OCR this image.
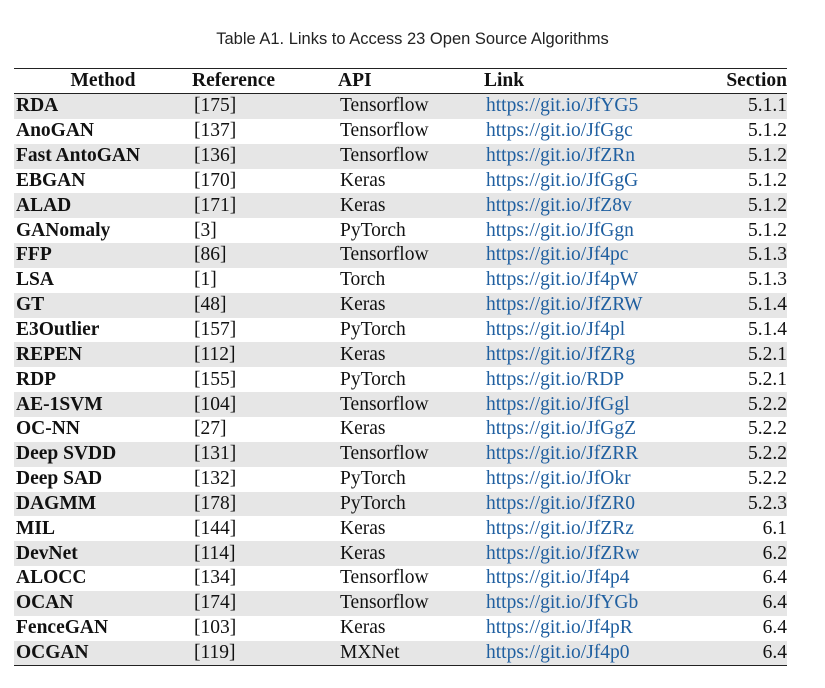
Table A1. Links to Access 23 Open Source Algorithms
Method	Reference	API	Link	Section
RDA	[175]	Tensorflow	https://git.io/JfYG5	5.1.1
AnoGAN	[137]	Tensorflow	https://git.io/JfGgc	5.1.2
Fast AntoGAN	[136]	Tensorflow	https://git.io/JfZRn	5.1.2
EBGAN	[170]	Keras	https://git.io/JfGgG	5.1.2
ALAD	[171]	Keras	https://git.io/JfZ8v	5.1.2
GANomaly	[3]	PyTorch	https://git.io/JfGgn	5.1.2
FFP	[86]	Tensorflow	https://git.io/Jf4pc	5.1.3
LSA	[1]	Torch	https://git.io/Jf4pW	5.1.3
GT	[48]	Keras	https://git.io/JfZRW	5.1.4
E3Outlier	[157]	PyTorch	https://git.io/Jf4pl	5.1.4
REPEN	[112]	Keras	https://git.io/JfZRg	5.2.1
RDP	[155]	PyTorch	https://git.io/RDP	5.2.1
AE-1SVM	[104]	Tensorflow	https://git.io/JfGgl	5.2.2
OC-NN	[27]	Keras	https://git.io/JfGgZ	5.2.2
Deep SVDD	[131]	Tensorflow	https://git.io/JfZRR	5.2.2
Deep SAD	[132]	PyTorch	https://git.io/JfOkr	5.2.2
DAGMM	[178]	PyTorch	https://git.io/JfZR0	5.2.3
MIL	[144]	Keras	https://git.io/JfZRz	6.1
DevNet	[114]	Keras	https://git.io/JfZRw	6.2
ALOCC	[134]	Tensorflow	https://git.io/Jf4p4	6.4
OCAN	[174]	Tensorflow	https://git.io/JfYGb	6.4
FenceGAN	[103]	Keras	https://git.io/Jf4pR	6.4
OCGAN	[119]	MXNet	https://git.io/Jf4p0	6.4
